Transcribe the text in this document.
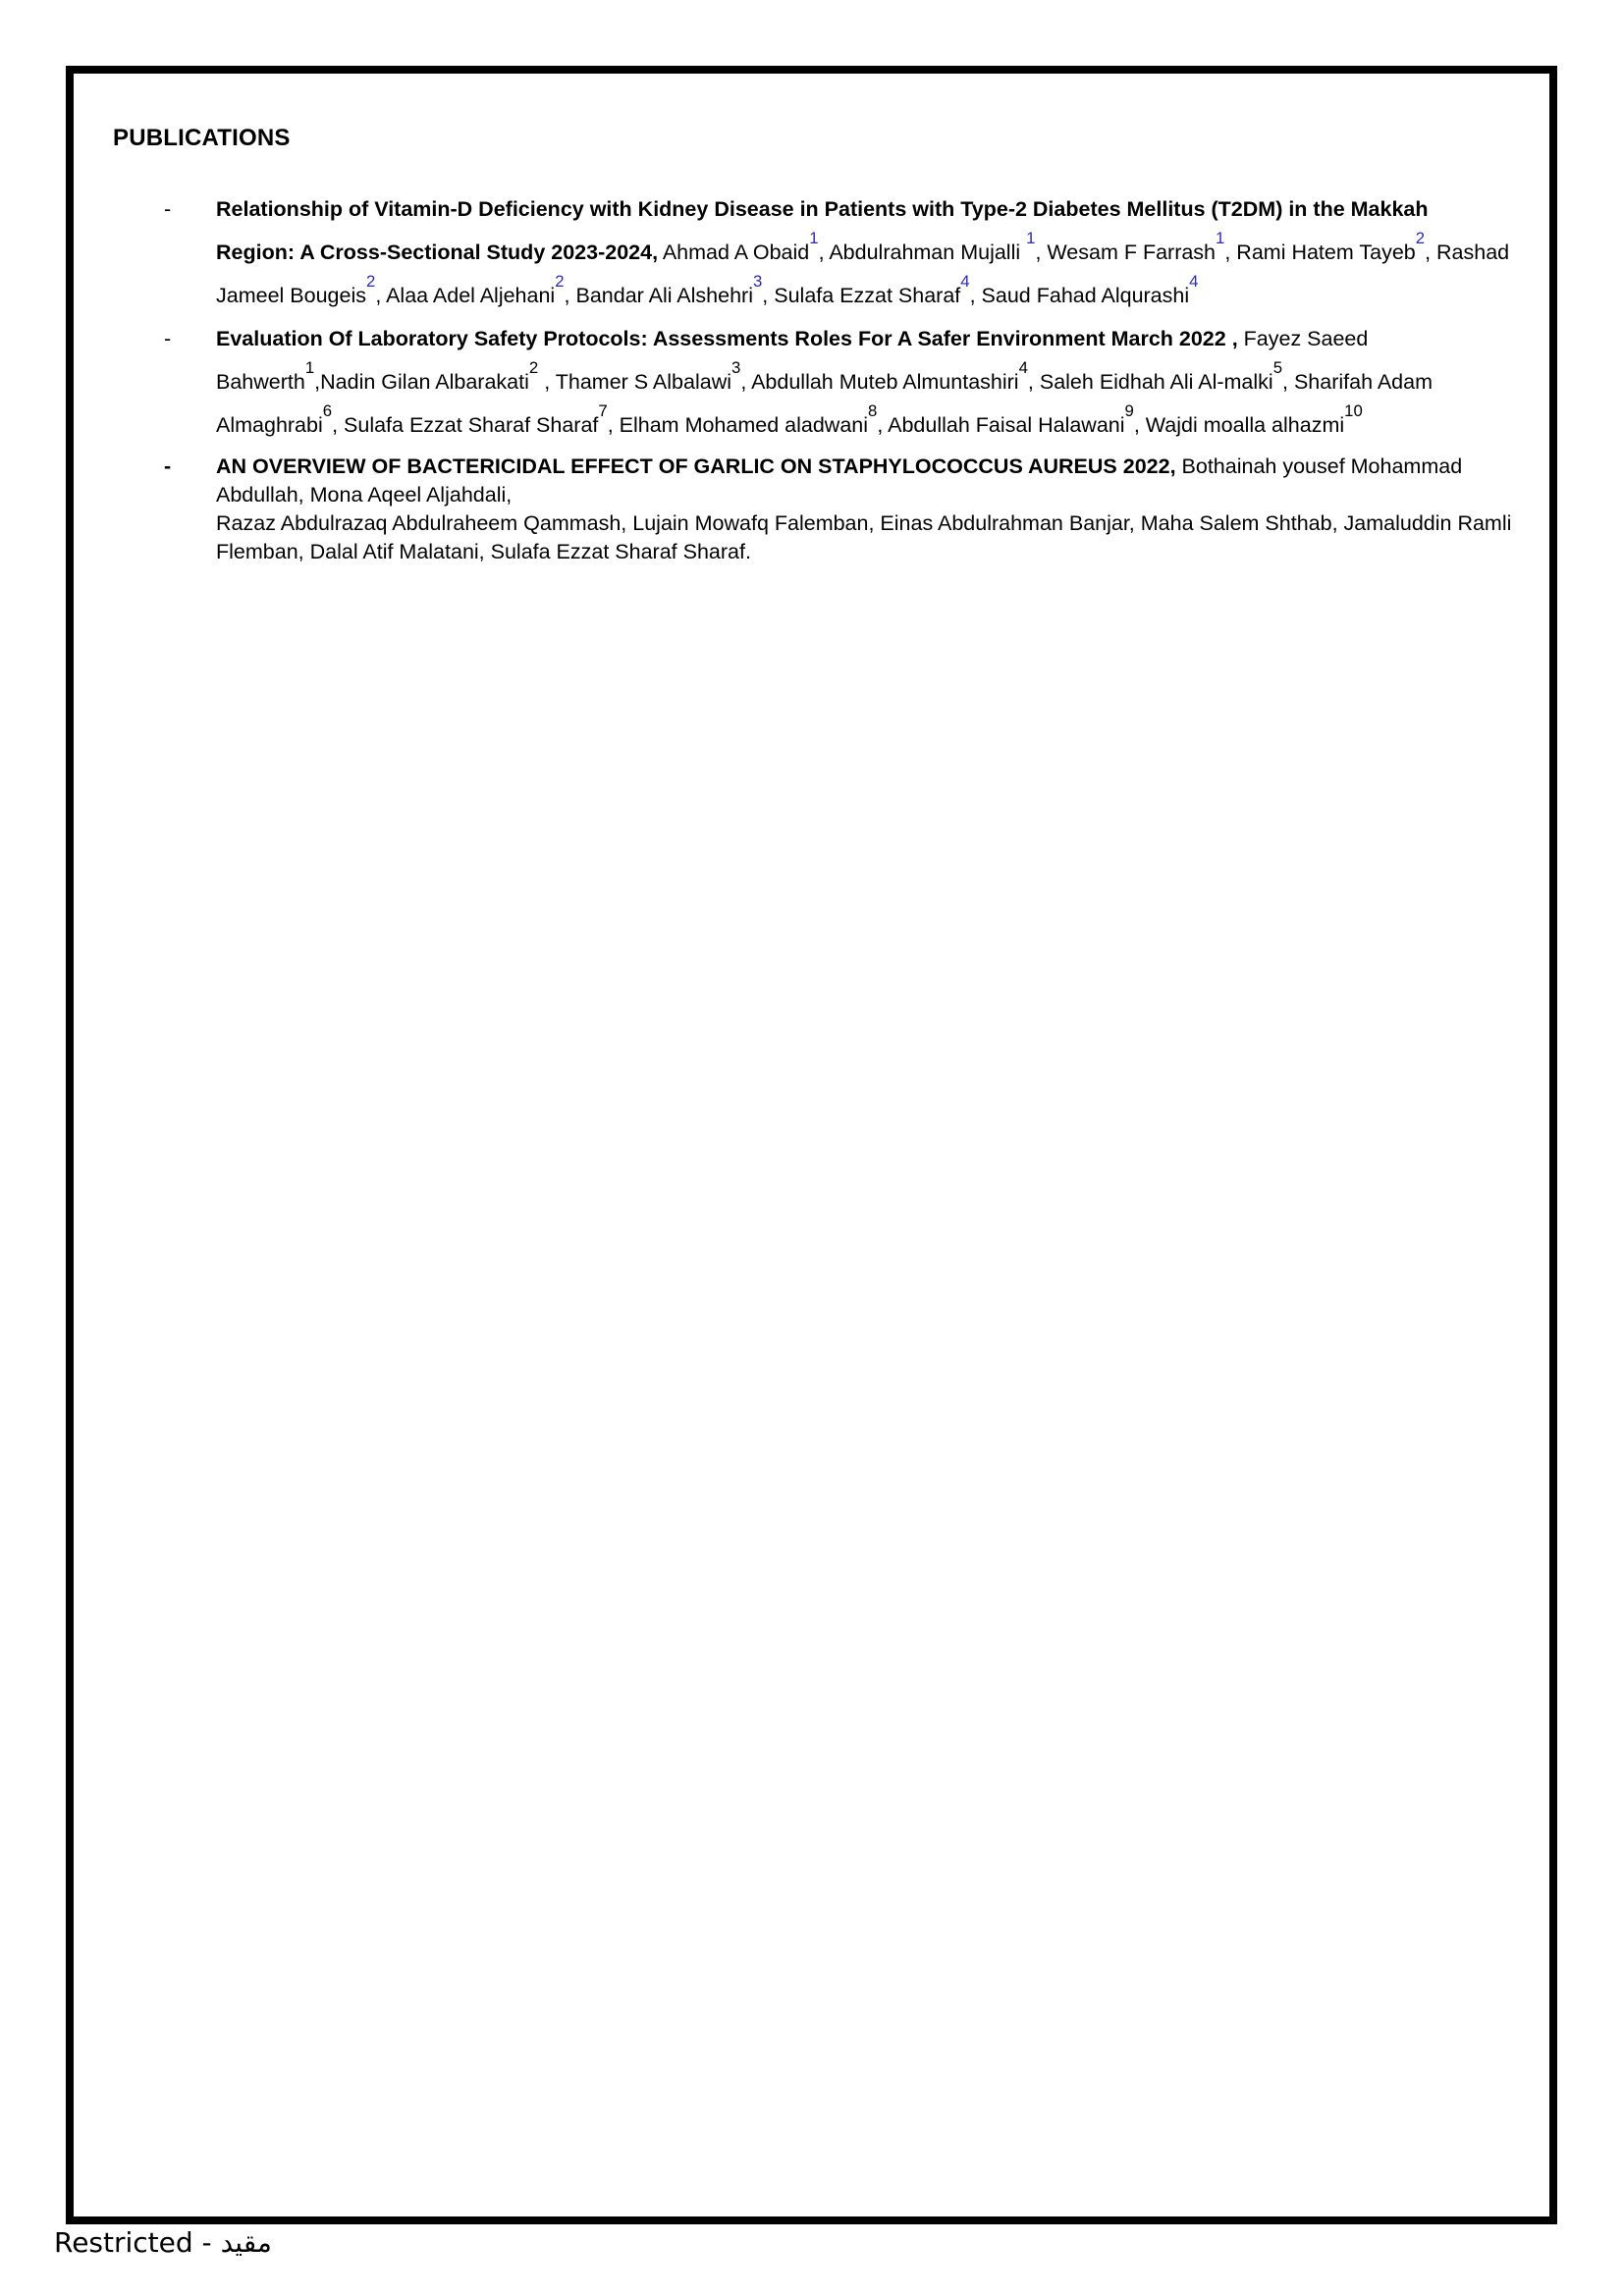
PUBLICATIONS
- Relationship of Vitamin-D Deficiency with Kidney Disease in Patients with Type-2 Diabetes Mellitus (T2DM) in the Makkah Region: A Cross-Sectional Study 2023-2024, Ahmad A Obaid$^1$, Abdulrahman Mujalli $^1$, Wesam F Farrash$^1$, Rami Hatem Tayeb$^2$, Rashad Jameel Bougeis$^2$, Alaa Adel Aljehani$^2$, Bandar Ali Alshehri$^3$, Sulafa Ezzat Sharaf$^4$, Saud Fahad Alqurashi$^4$
- Evaluation Of Laboratory Safety Protocols: Assessments Roles For A Safer Environment March 2022 , Fayez Saeed Bahwerth$^1$,Nadin Gilan Albarakati$^2$ , Thamer S Albalawi$^3$, Abdullah Muteb Almuntashiri$^4$, Saleh Eidhah Ali Al-malki$^5$, Sharifah Adam Almaghrabi$^6$, Sulafa Ezzat Sharaf Sharaf$^7$, Elham Mohamed aladwani$^8$, Abdullah Faisal Halawani$^9$, Wajdi moalla alhazmi$^{10}$
- AN OVERVIEW OF BACTERICIDAL EFFECT OF GARLIC ON STAPHYLOCOCCUS AUREUS 2022, Bothainah yousef Mohammad Abdullah, Mona Aqeel Aljahdali,
Razaz Abdulrazaq Abdulraheem Qammash, Lujain Mowafq Falemban, Einas Abdulrahman Banjar, Maha Salem Shthab, Jamaluddin Ramli Flemban, Dalal Atif Malatani, Sulafa Ezzat Sharaf Sharaf.
Restricted - مقيد
